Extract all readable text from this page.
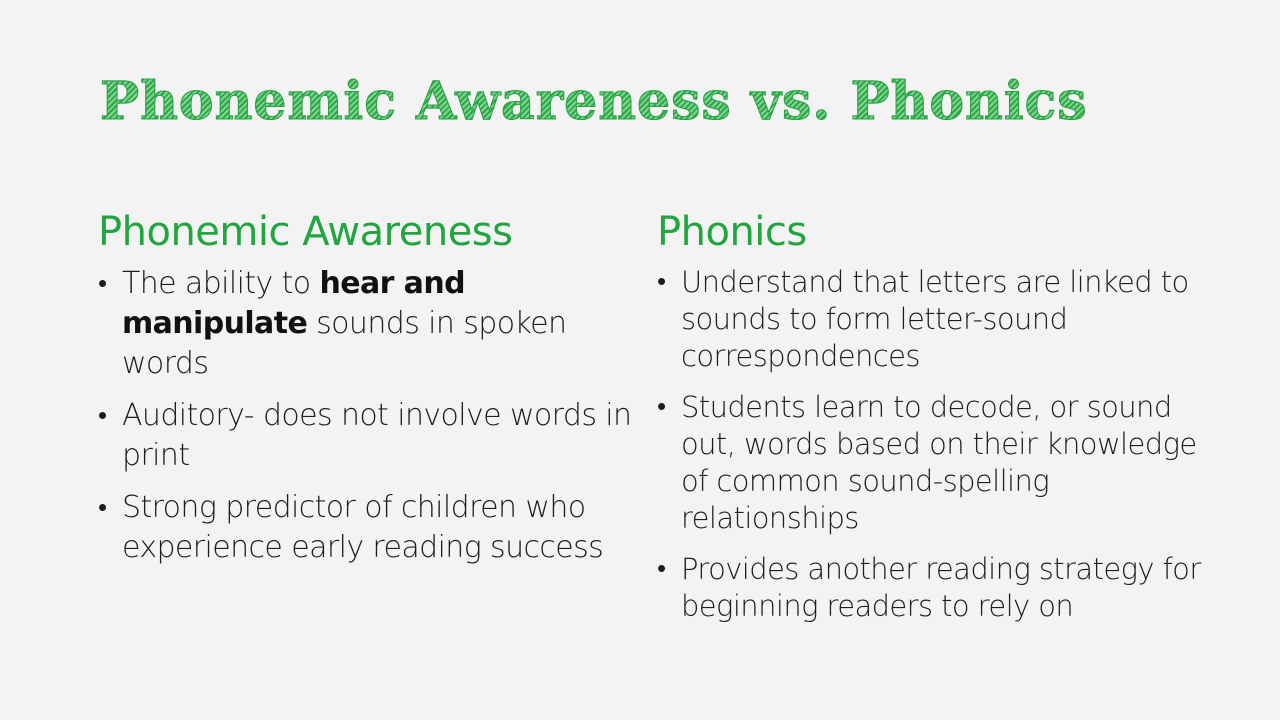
Phonemic Awareness vs. Phonics
Phonemic Awareness
• The ability to hear and manipulate sounds in spoken words
• Auditory- does not involve words in print
• Strong predictor of children who experience early reading success
Phonics
• Understand that letters are linked to sounds to form letter-sound correspondences
• Students learn to decode, or sound out, words based on their knowledge of common sound-spelling relationships
• Provides another reading strategy for beginning readers to rely on
